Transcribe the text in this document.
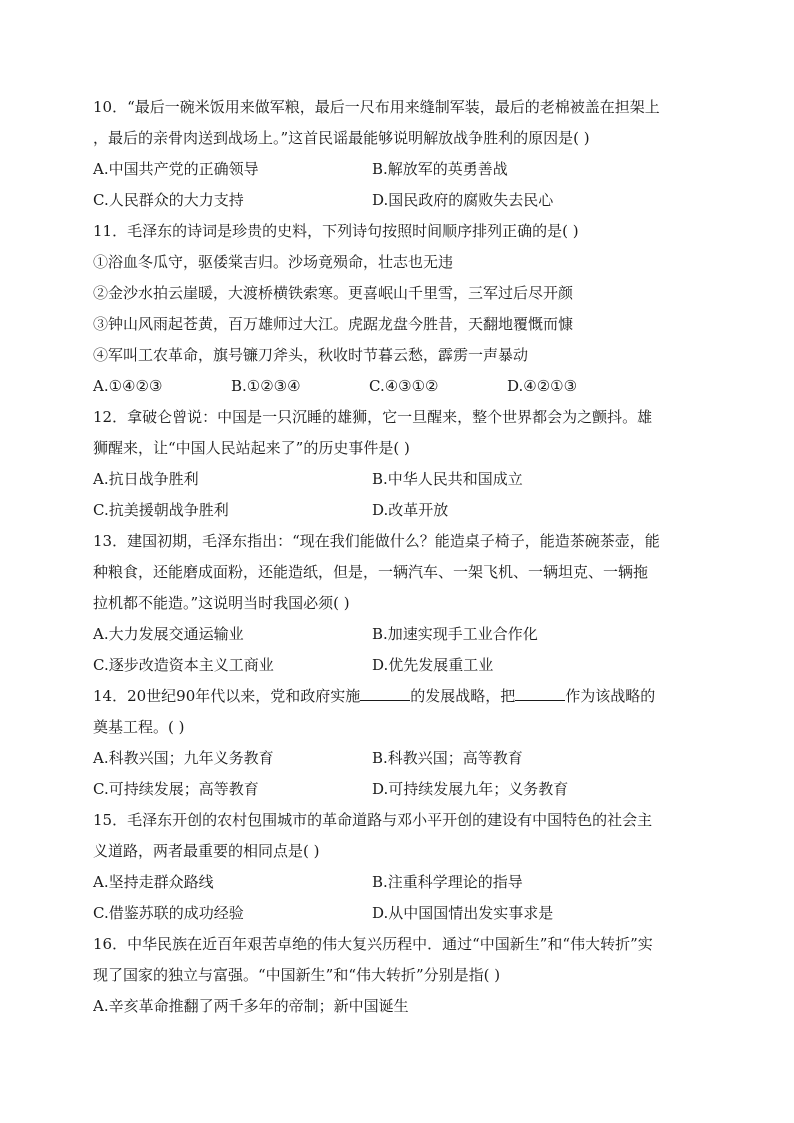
10．“最后一碗米饭用来做军粮，最后一尺布用来缝制军装，最后的老棉被盖在担架上
，最后的亲骨肉送到战场上。”这首民谣最能够说明解放战争胜利的原因是( )
A.中国共产党的正确领导	B.解放军的英勇善战
C.人民群众的大力支持	D.国民政府的腐败失去民心
11．毛泽东的诗词是珍贵的史料，下列诗句按照时间顺序排列正确的是( )
①浴血冬瓜守，驱倭棠吉归。沙场竟殒命，壮志也无违
②金沙水拍云崖暖，大渡桥横铁索寒。更喜岷山千里雪，三军过后尽开颜
③钟山风雨起苍黄，百万雄师过大江。虎踞龙盘今胜昔，天翻地覆慨而慷
④军叫工农革命，旗号镰刀斧头，秋收时节暮云愁，霹雳一声暴动
A.①④②③	B.①②③④	C.④③①②	D.④②①③
12．拿破仑曾说：中国是一只沉睡的雄狮，它一旦醒来，整个世界都会为之颤抖。雄
狮醒来，让“中国人民站起来了”的历史事件是( )
A.抗日战争胜利	B.中华人民共和国成立
C.抗美援朝战争胜利	D.改革开放
13．建国初期，毛泽东指出：“现在我们能做什么？能造桌子椅子，能造茶碗茶壶，能
种粮食，还能磨成面粉，还能造纸，但是，一辆汽车、一架飞机、一辆坦克、一辆拖
拉机都不能造。”这说明当时我国必须( )
A.大力发展交通运输业	B.加速实现手工业合作化
C.逐步改造资本主义工商业	D.优先发展重工业
14．20世纪90年代以来，党和政府实施	的发展战略，把	作为该战略的
奠基工程。( )
A.科教兴国；九年义务教育	B.科教兴国；高等教育
C.可持续发展；高等教育	D.可持续发展九年；义务教育
15．毛泽东开创的农村包围城市的革命道路与邓小平开创的建设有中国特色的社会主
义道路，两者最重要的相同点是( )
A.坚持走群众路线	B.注重科学理论的指导
C.借鉴苏联的成功经验	D.从中国国情出发实事求是
16．中华民族在近百年艰苦卓绝的伟大复兴历程中．通过“中国新生”和“伟大转折”实
现了国家的独立与富强。“中国新生”和“伟大转折”分别是指( )
A.辛亥革命推翻了两千多年的帝制；新中国诞生
